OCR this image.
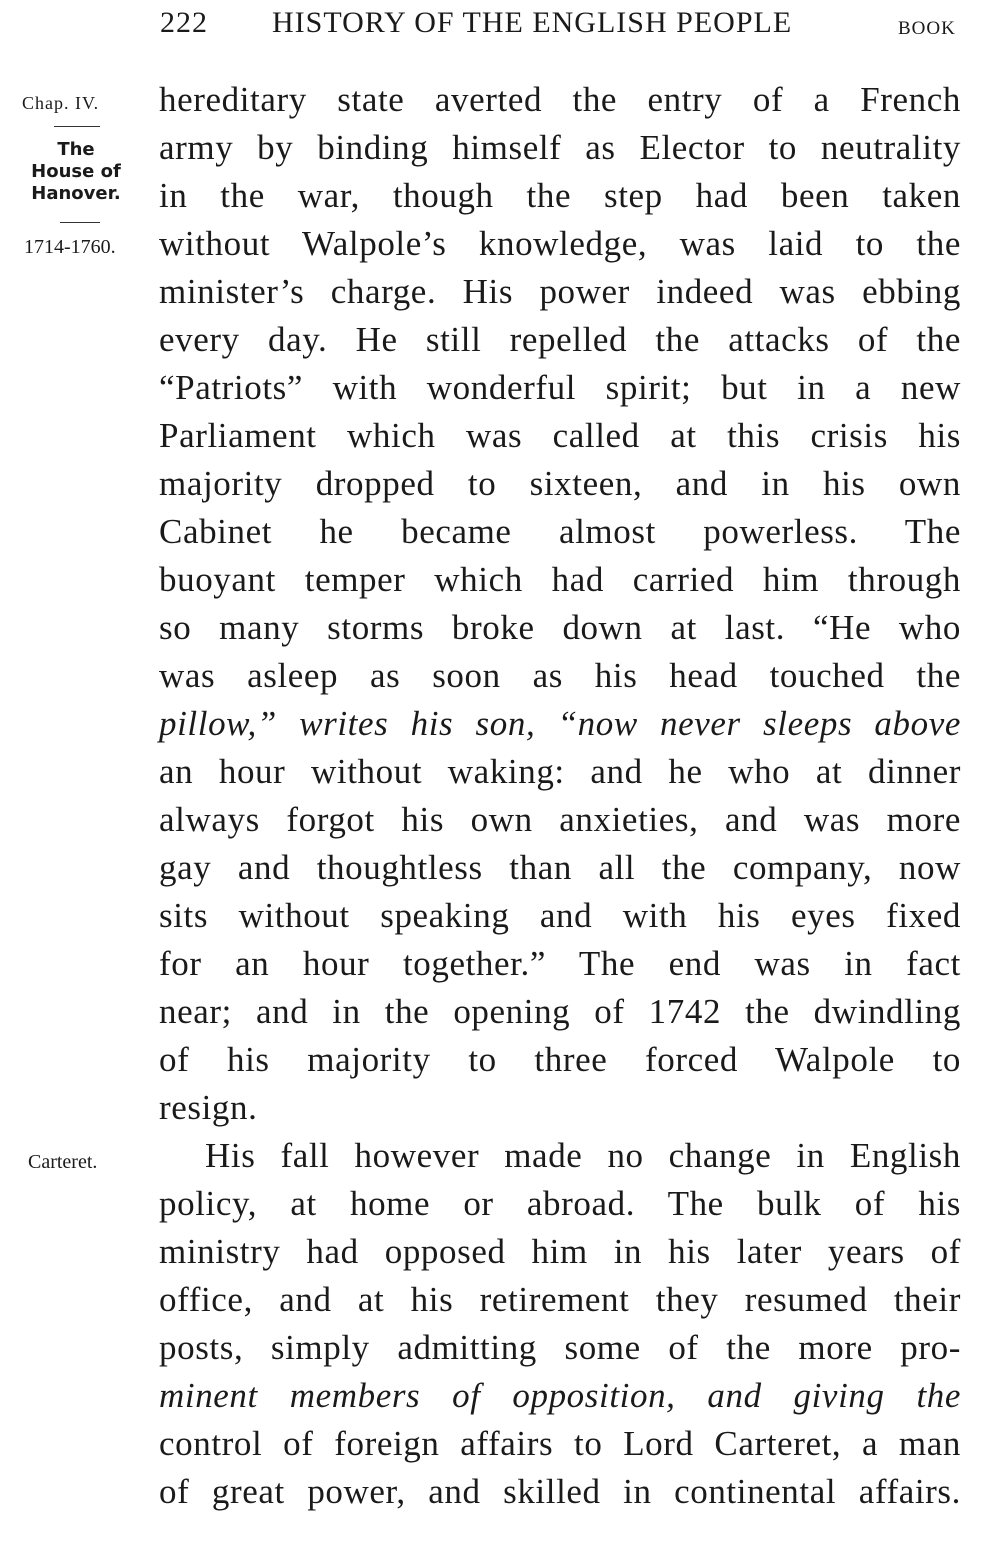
222 HISTORY OF THE ENGLISH PEOPLE	BOOK
Chap. IV.
The
House of
Hanover.
1714-1760.
Carteret.
hereditary state averted the entry of a French
army by binding himself as Elector to neutrality
in the war, though the step had been taken
without Walpole’s knowledge, was laid to the
minister’s charge. His power indeed was ebbing
every day. He still repelled the attacks of the
“Patriots” with wonderful spirit; but in a new
Parliament which was called at this crisis his
majority dropped to sixteen, and in his own
Cabinet he became almost powerless. The
buoyant temper which had carried him through
so many storms broke down at last. “He who
was asleep as soon as his head touched the
pillow,” writes his son, “now never sleeps above
an hour without waking: and he who at dinner
always forgot his own anxieties, and was more
gay and thoughtless than all the company, now
sits without speaking and with his eyes fixed
for an hour together.” The end was in fact
near; and in the opening of 1742 the dwindling
of his majority to three forced Walpole to
resign.
His fall however made no change in English
policy, at home or abroad. The bulk of his
ministry had opposed him in his later years of
office, and at his retirement they resumed their
posts, simply admitting some of the more pro-
minent members of opposition, and giving the
control of foreign affairs to Lord Carteret, a man
of great power, and skilled in continental affairs.
